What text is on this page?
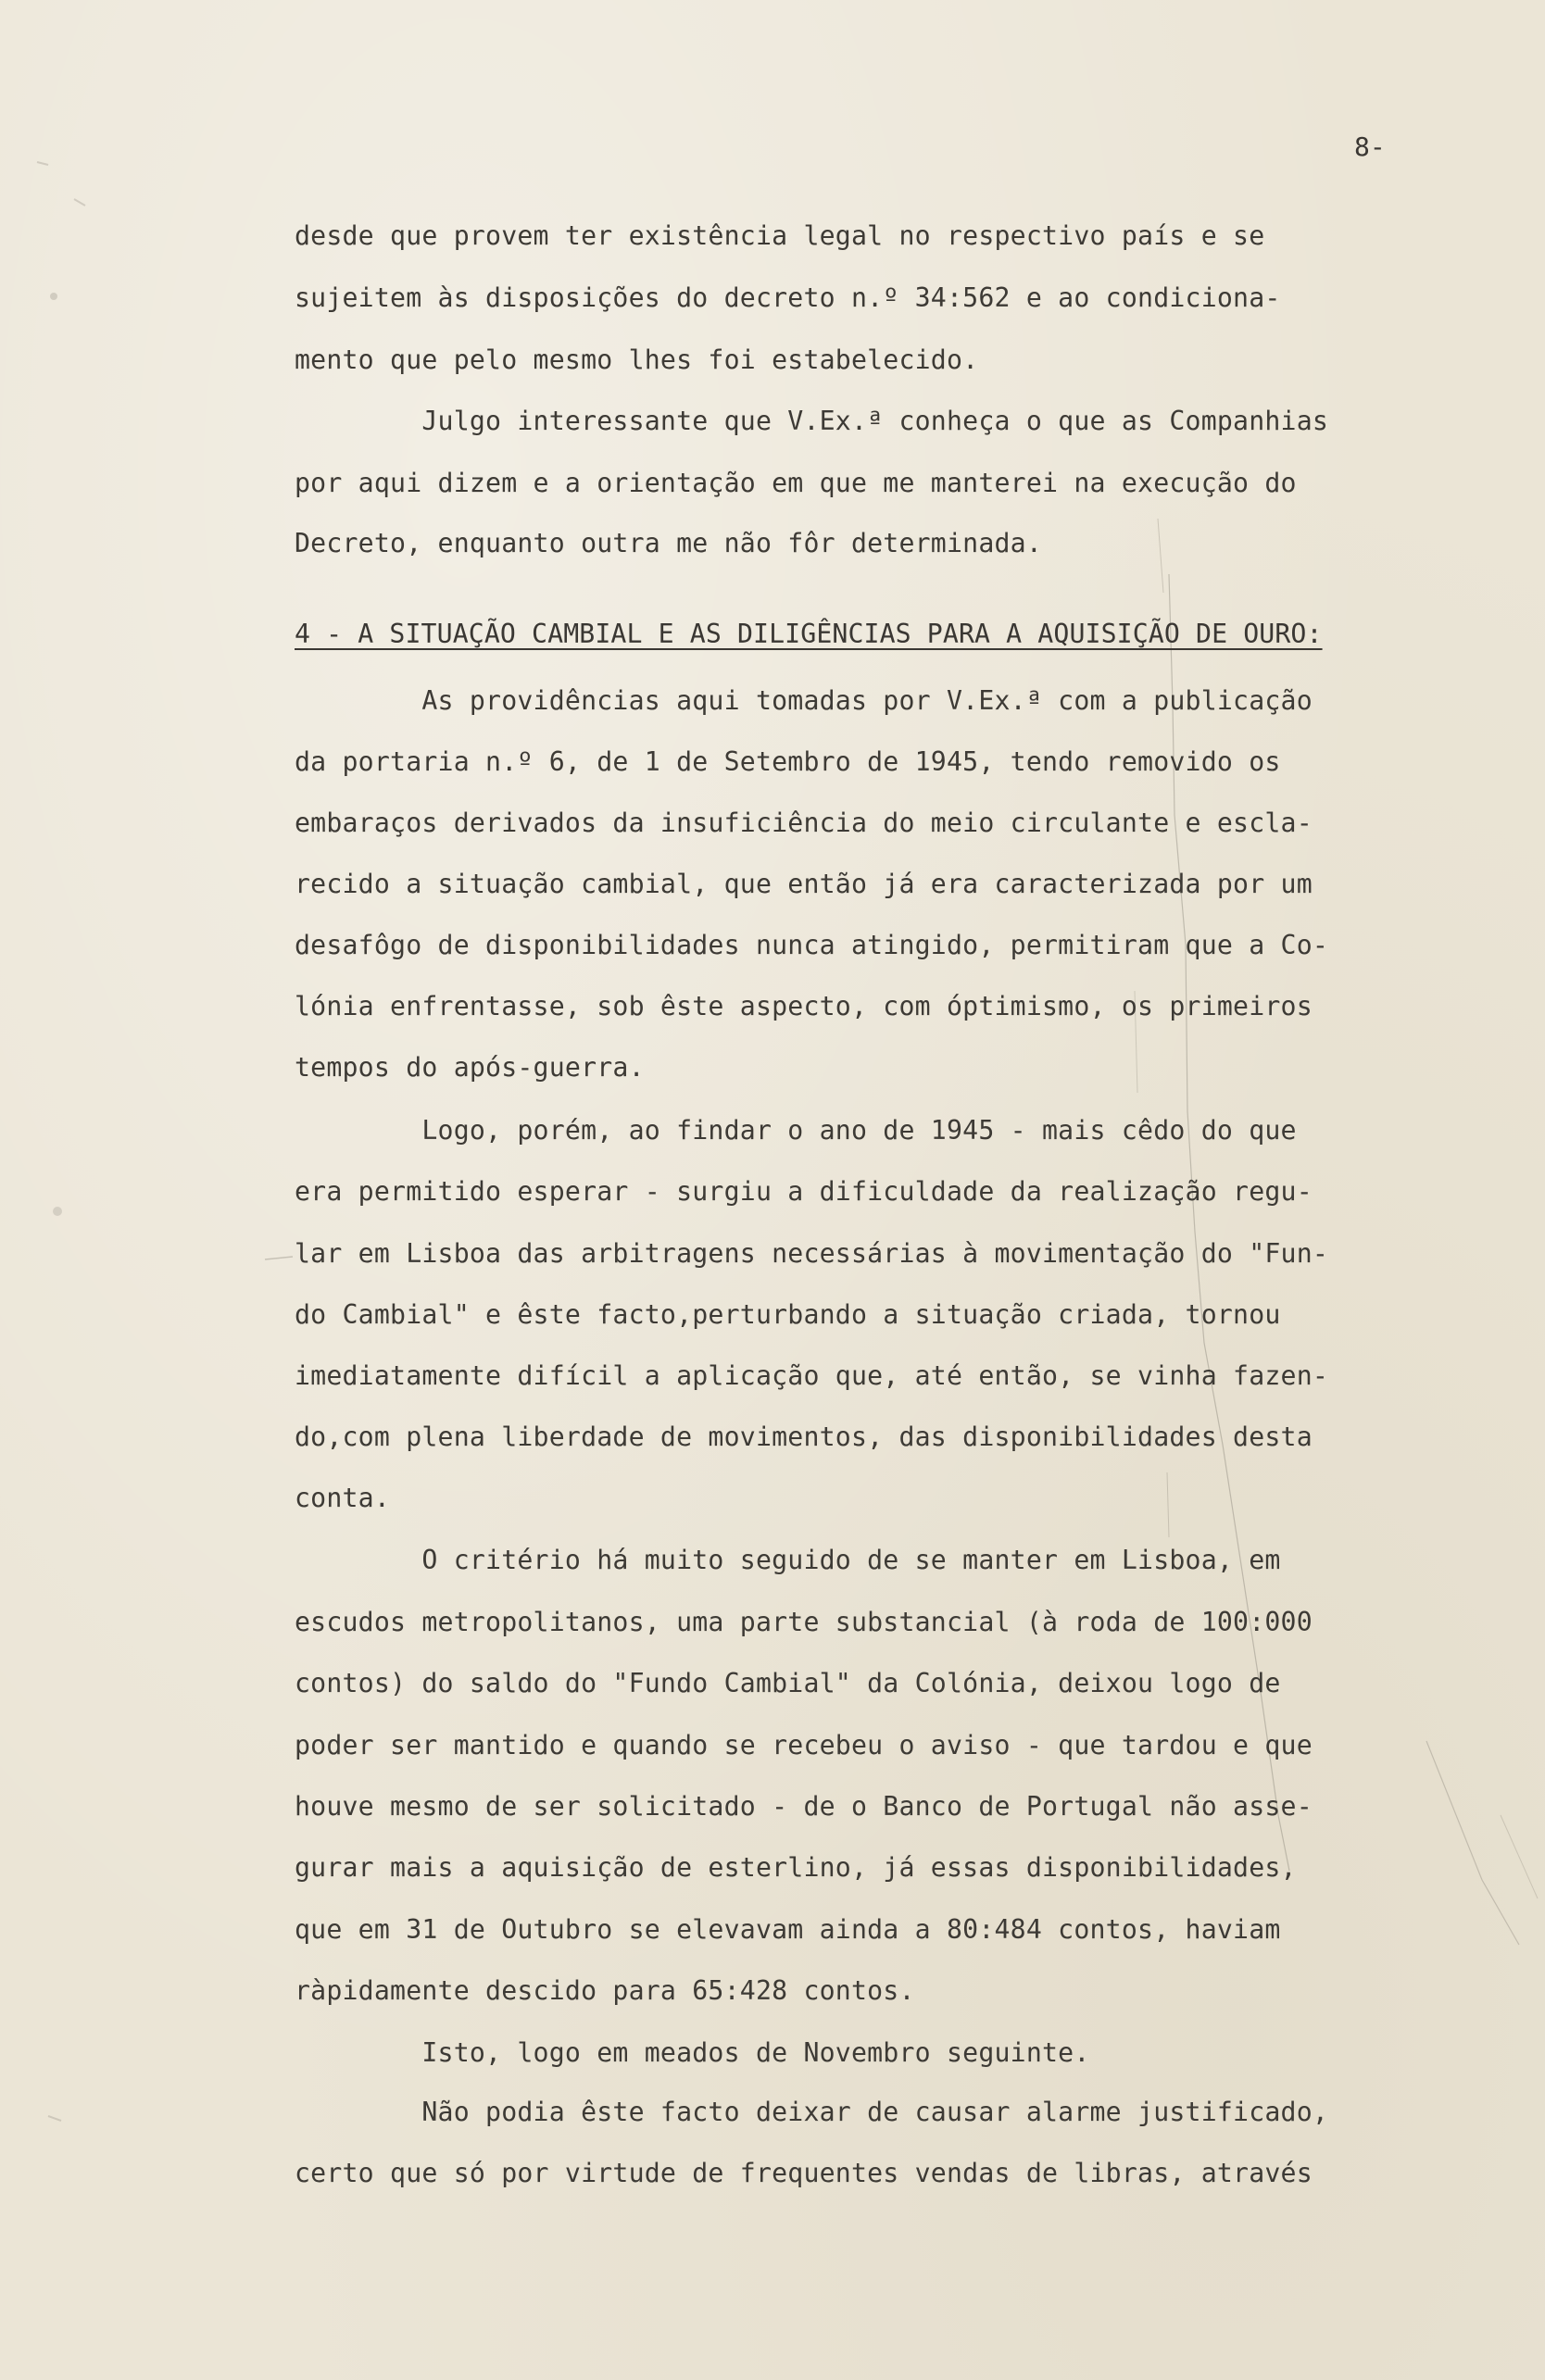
8-
desde que provem ter existência legal no respectivo país e se
sujeitem às disposições do decreto n.º 34:562 e ao condiciona-
mento que pelo mesmo lhes foi estabelecido.
Julgo interessante que V.Ex.ª conheça o que as Companhias
por aqui dizem e a orientação em que me manterei na execução do
Decreto, enquanto outra me não fôr determinada.
4 - A SITUAÇÃO CAMBIAL E AS DILIGÊNCIAS PARA A AQUISIÇÃO DE OURO:
As providências aqui tomadas por V.Ex.ª com a publicação
da portaria n.º 6, de 1 de Setembro de 1945, tendo removido os
embaraços derivados da insuficiência do meio circulante e escla-
recido a situação cambial, que então já era caracterizada por um
desafôgo de disponibilidades nunca atingido, permitiram que a Co-
lónia enfrentasse, sob êste aspecto, com óptimismo, os primeiros
tempos do após-guerra.
Logo, porém, ao findar o ano de 1945 - mais cêdo do que
era permitido esperar - surgiu a dificuldade da realização regu-
lar em Lisboa das arbitragens necessárias à movimentação do "Fun-
do Cambial" e êste facto,perturbando a situação criada, tornou
imediatamente difícil a aplicação que, até então, se vinha fazen-
do,com plena liberdade de movimentos, das disponibilidades desta
conta.
O critério há muito seguido de se manter em Lisboa, em
escudos metropolitanos, uma parte substancial (à roda de 100:000
contos) do saldo do "Fundo Cambial" da Colónia, deixou logo de
poder ser mantido e quando se recebeu o aviso - que tardou e que
houve mesmo de ser solicitado - de o Banco de Portugal não asse-
gurar mais a aquisição de esterlino, já essas disponibilidades,
que em 31 de Outubro se elevavam ainda a 80:484 contos, haviam
ràpidamente descido para 65:428 contos.
Isto, logo em meados de Novembro seguinte.
Não podia êste facto deixar de causar alarme justificado,
certo que só por virtude de frequentes vendas de libras, através
